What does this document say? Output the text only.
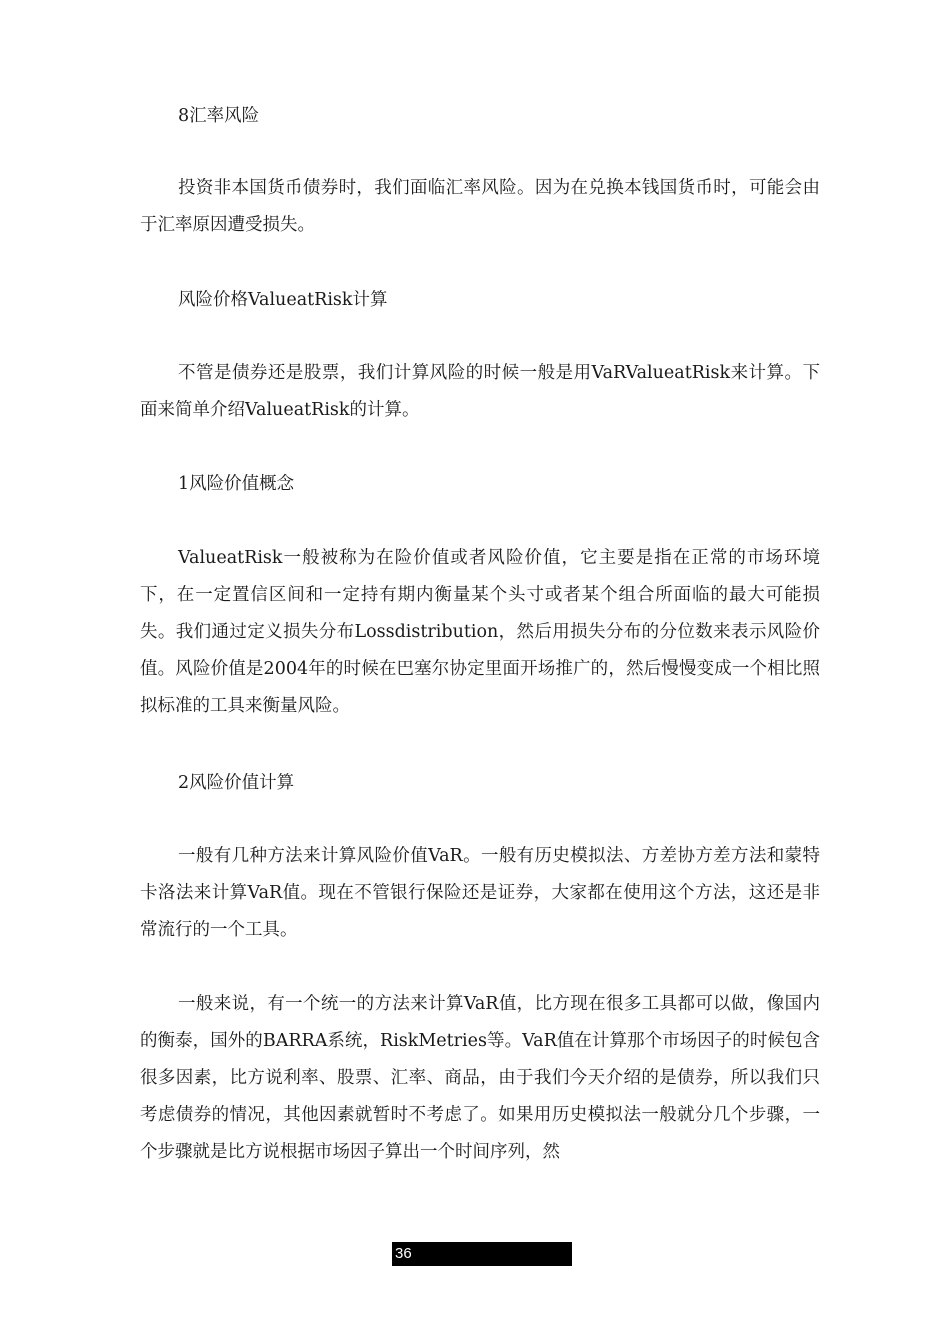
8汇率风险

投资非本国货币债券时，我们面临汇率风险。因为在兑换本钱国货币时，可能会由于汇率原因遭受损失。

风险价格ValueatRisk计算

不管是债券还是股票，我们计算风险的时候一般是用VaRValueatRisk来计算。下面来简单介绍ValueatRisk的计算。

1风险价值概念

ValueatRisk一般被称为在险价值或者风险价值，它主要是指在正常的市场环境下，在一定置信区间和一定持有期内衡量某个头寸或者某个组合所面临的最大可能损失。我们通过定义损失分布Lossdistribution，然后用损失分布的分位数来表示风险价值。风险价值是2004年的时候在巴塞尔协定里面开场推广的，然后慢慢变成一个相比照拟标准的工具来衡量风险。

2风险价值计算

一般有几种方法来计算风险价值VaR。一般有历史模拟法、方差协方差方法和蒙特卡洛法来计算VaR值。现在不管银行保险还是证券，大家都在使用这个方法，这还是非常流行的一个工具。

一般来说，有一个统一的方法来计算VaR值，比方现在很多工具都可以做，像国内的衡泰，国外的BARRA系统，RiskMetries等。VaR值在计算那个市场因子的时候包含很多因素，比方说利率、股票、汇率、商品，由于我们今天介绍的是债券，所以我们只考虑债券的情况，其他因素就暂时不考虑了。如果用历史模拟法一般就分几个步骤，一个步骤就是比方说根据市场因子算出一个时间序列，然

36
